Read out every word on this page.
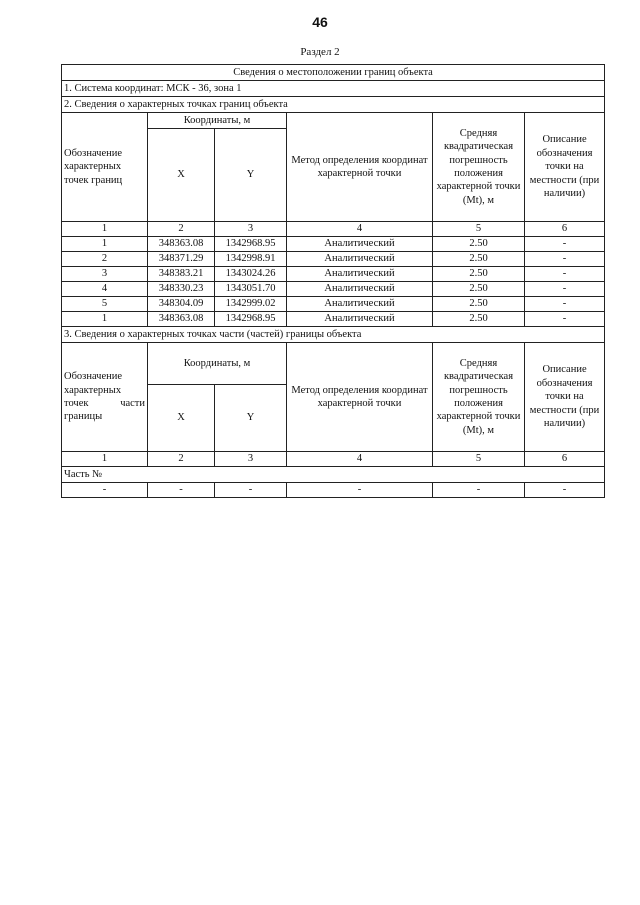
46
Раздел 2
Сведения о местоположении границ объекта					
1. Система координат: МСК - 36, зона 1					
2. Сведения о характерных точках границ объекта					
Обозначение характерных точек границ	Координаты, м		Метод определения координат характерной точки	Средняя квадратическая погрешность положения характерной точки (Mt), м	Описание обозначения точки на местности (при наличии)
	X	Y			
1	2	3	4	5	6
1	348363.08	1342968.95	Аналитический	2.50	-
2	348371.29	1342998.91	Аналитический	2.50	-
3	348383.21	1343024.26	Аналитический	2.50	-
4	348330.23	1343051.70	Аналитический	2.50	-
5	348304.09	1342999.02	Аналитический	2.50	-
1	348363.08	1342968.95	Аналитический	2.50	-
3. Сведения о характерных точках части (частей) границы объекта					

Обозначение
характерных
точек части
границы	Координаты, м		Метод определения координат характерной точки	Средняя квадратическая погрешность положения характерной точки (Mt), м	Описание обозначения точки на местности (при наличии)
	X	Y			
1	2	3	4	5	6
Часть №					
-	-	-	-	-	-
